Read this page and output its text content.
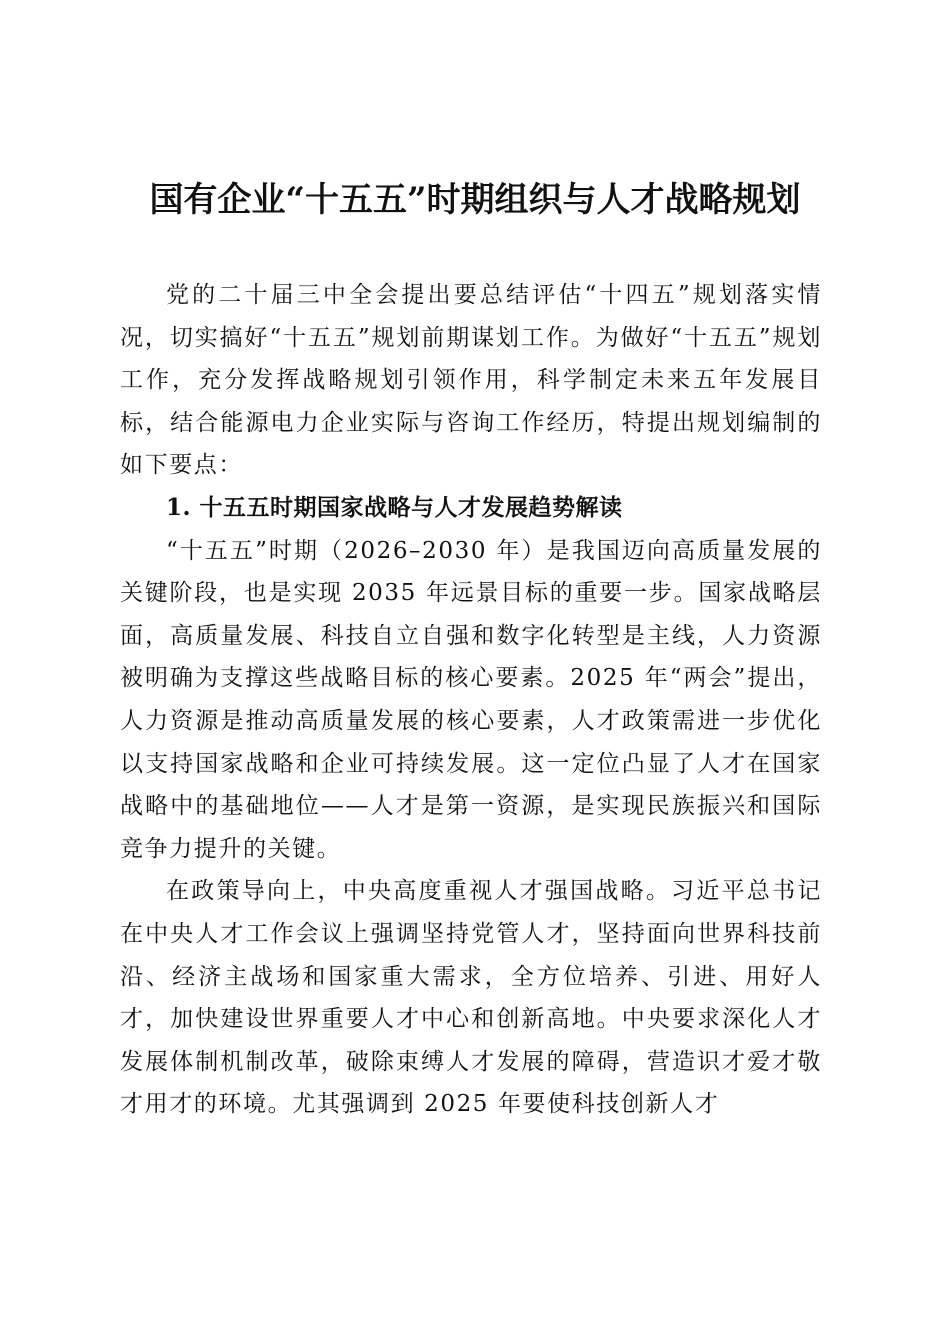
国有企业“十五五”时期组织与人才战略规划

党的二十届三中全会提出要总结评估“十四五”规划落实情况，切实搞好“十五五”规划前期谋划工作。为做好“十五五”规划工作，充分发挥战略规划引领作用，科学制定未来五年发展目标，结合能源电力企业实际与咨询工作经历，特提出规划编制的如下要点：

1. 十五五时期国家战略与人才发展趋势解读

“十五五”时期（2026–2030 年）是我国迈向高质量发展的关键阶段，也是实现 2035 年远景目标的重要一步。国家战略层面，高质量发展、科技自立自强和数字化转型是主线，人力资源被明确为支撑这些战略目标的核心要素。2025 年“两会”提出，人力资源是推动高质量发展的核心要素，人才政策需进一步优化以支持国家战略和企业可持续发展。这一定位凸显了人才在国家战略中的基础地位——人才是第一资源，是实现民族振兴和国际竞争力提升的关键。

在政策导向上，中央高度重视人才强国战略。习近平总书记在中央人才工作会议上强调坚持党管人才，坚持面向世界科技前沿、经济主战场和国家重大需求，全方位培养、引进、用好人才，加快建设世界重要人才中心和创新高地。中央要求深化人才发展体制机制改革，破除束缚人才发展的障碍，营造识才爱才敬才用才的环境。尤其强调到 2025 年要使科技创新人才
